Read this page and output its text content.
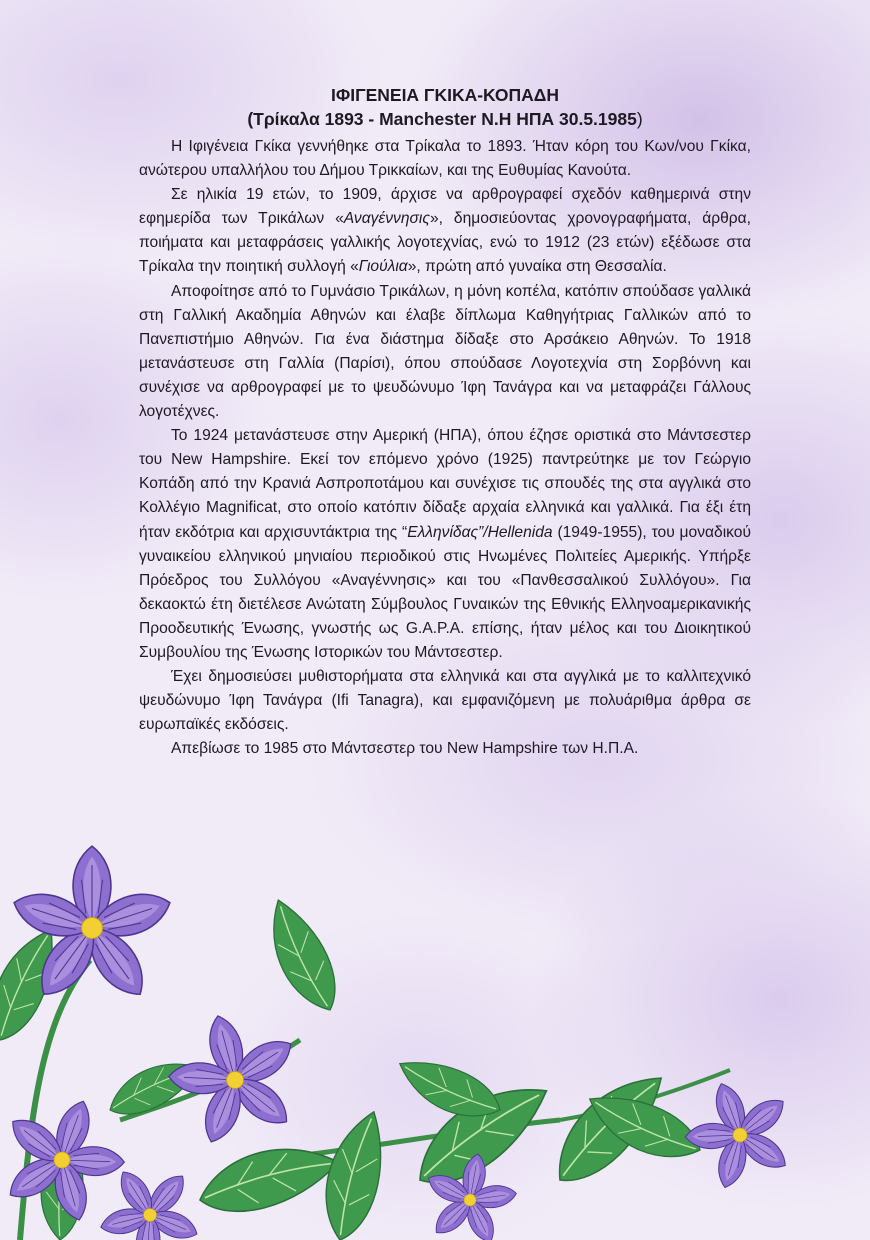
ΙΦΙΓΕΝΕΙΑ ΓΚΙΚΑ-ΚΟΠΑΔΗ
(Τρίκαλα 1893 - Manchester N.H ΗΠΑ 30.5.1985)

Η Ιφιγένεια Γκίκα γεννήθηκε στα Τρίκαλα το 1893. Ήταν κόρη του Κων/νου Γκίκα, ανώτερου υπαλλήλου του Δήμου Τρικκαίων, και της Ευθυμίας Κανούτα.

Σε ηλικία 19 ετών, το 1909, άρχισε να αρθρογραφεί σχεδόν καθημερινά στην εφημερίδα των Τρικάλων «Αναγέννησις», δημοσιεύοντας χρονογραφήματα, άρθρα, ποιήματα και μεταφράσεις γαλλικής λογοτεχνίας, ενώ το 1912 (23 ετών) εξέδωσε στα Τρίκαλα την ποιητική συλλογή «Γιούλια», πρώτη από γυναίκα στη Θεσσαλία.

Αποφοίτησε από το Γυμνάσιο Τρικάλων, η μόνη κοπέλα, κατόπιν σπούδασε γαλλικά στη Γαλλική Ακαδημία Αθηνών και έλαβε δίπλωμα Καθηγήτριας Γαλλικών από το Πανεπιστήμιο Αθηνών. Για ένα διάστημα δίδαξε στο Αρσάκειο Αθηνών. Το 1918 μετανάστευσε στη Γαλλία (Παρίσι), όπου σπούδασε Λογοτεχνία στη Σορβόννη και συνέχισε να αρθρογραφεί με το ψευδώνυμο Ίφη Τανάγρα και να μεταφράζει Γάλλους λογοτέχνες.

Το 1924 μετανάστευσε στην Αμερική (ΗΠΑ), όπου έζησε οριστικά στο Μάντσεστερ του New Hampshire. Εκεί τον επόμενο χρόνο (1925) παντρεύτηκε με τον Γεώργιο Κοπάδη από την Κρανιά Ασπροποτάμου και συνέχισε τις σπουδές της στα αγγλικά στο Κολλέγιο Magnificat, στο οποίο κατόπιν δίδαξε αρχαία ελληνικά και γαλλικά. Για έξι έτη ήταν εκδότρια και αρχισυντάκτρια της “Ελληνίδας”/Hellenida (1949-1955), του μοναδικού γυναικείου ελληνικού μηνιαίου περιοδικού στις Ηνωμένες Πολιτείες Αμερικής. Υπήρξε Πρόεδρος του Συλλόγου «Αναγέννησις» και του «Πανθεσσαλικού Συλλόγου». Για δεκαοκτώ έτη διετέλεσε Ανώτατη Σύμβουλος Γυναικών της Εθνικής Ελληνοαμερικανικής Προοδευτικής Ένωσης, γνωστής ως G.A.P.A. επίσης, ήταν μέλος και του Διοικητικού Συμβουλίου της Ένωσης Ιστορικών του Μάντσεστερ.

Έχει δημοσιεύσει μυθιστορήματα στα ελληνικά και στα αγγλικά με το καλλιτεχνικό ψευδώνυμο Ίφη Τανάγρα (Ifi Tanagra), και εμφανιζόμενη με πολυάριθμα άρθρα σε ευρωπαϊκές εκδόσεις.

Απεβίωσε το 1985 στο Μάντσεστερ του New Hampshire των Η.Π.Α.
